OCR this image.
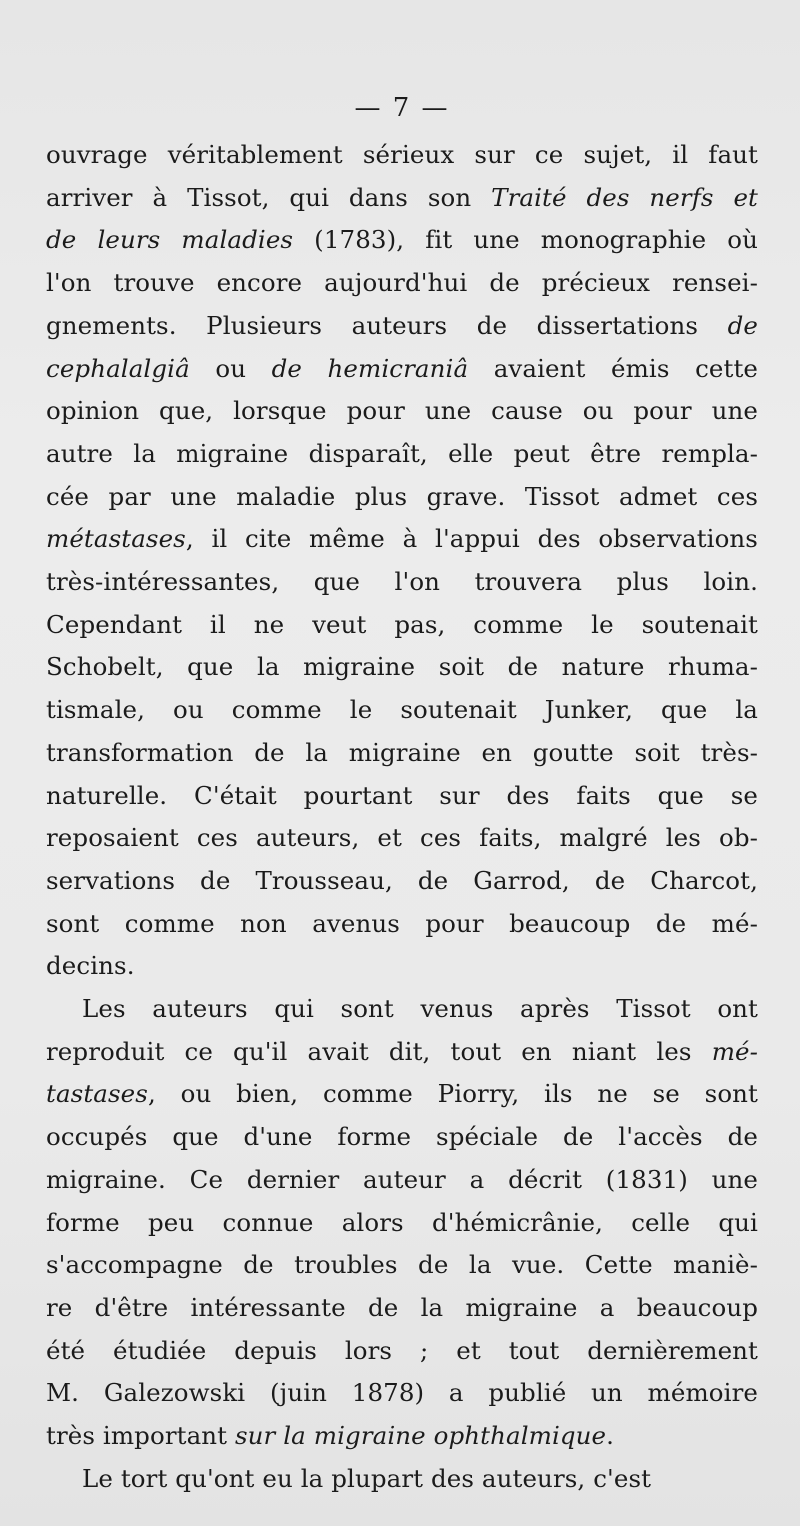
— 7 —
ouvrage véritablement sérieux sur ce sujet, il faut
arriver à Tissot, qui dans son Traité des nerfs et
de leurs maladies (1783), fit une monographie où
l'on trouve encore aujourd'hui de précieux rensei-
gnements. Plusieurs auteurs de dissertations de
cephalalgiâ ou de hemicraniâ avaient émis cette
opinion que, lorsque pour une cause ou pour une
autre la migraine disparaît, elle peut être rempla-
cée par une maladie plus grave. Tissot admet ces
métastases, il cite même à l'appui des observations
très-intéressantes, que l'on trouvera plus loin.
Cependant il ne veut pas, comme le soutenait
Schobelt, que la migraine soit de nature rhuma-
tismale, ou comme le soutenait Junker, que la
transformation de la migraine en goutte soit très-
naturelle. C'était pourtant sur des faits que se
reposaient ces auteurs, et ces faits, malgré les ob-
servations de Trousseau, de Garrod, de Charcot,
sont comme non avenus pour beaucoup de mé-
decins.
Les auteurs qui sont venus après Tissot ont
reproduit ce qu'il avait dit, tout en niant les mé-
tastases, ou bien, comme Piorry, ils ne se sont
occupés que d'une forme spéciale de l'accès de
migraine. Ce dernier auteur a décrit (1831) une
forme peu connue alors d'hémicrânie, celle qui
s'accompagne de troubles de la vue. Cette maniè-
re d'être intéressante de la migraine a beaucoup
été étudiée depuis lors ; et tout dernièrement
M. Galezowski (juin 1878) a publié un mémoire
très important sur la migraine ophthalmique.
Le tort qu'ont eu la plupart des auteurs, c'est
